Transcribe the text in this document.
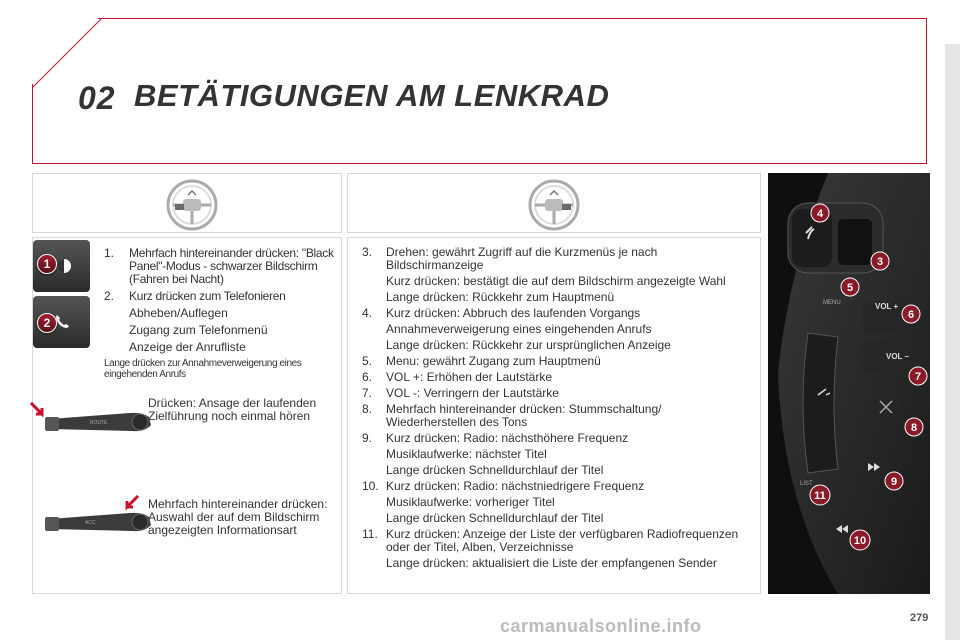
02 BETÄTIGUNGEN AM LENKRAD
1
2
1.	Mehrfach hintereinander drücken: "Black Panel"-Modus - schwarzer Bildschirm (Fahren bei Nacht)
2.	Kurz drücken zum Telefonieren
Abheben/Auflegen
Zugang zum Telefonmenü
Anzeige der Anrufliste
Lange drücken zur Annahmeverweigerung eines eingehenden Anrufs
ROUTE
Drücken: Ansage der laufenden Zielführung noch einmal hören
ACC
Mehrfach hintereinander drücken: Auswahl der auf dem Bildschirm angezeigten Informationsart
3.	Drehen: gewährt Zugriff auf die Kurzmenüs je nach Bildschirmanzeige
Kurz drücken: bestätigt die auf dem Bildschirm angezeigte Wahl
Lange drücken: Rückkehr zum Hauptmenü
4.	Kurz drücken: Abbruch des laufenden Vorgangs
Annahmeverweigerung eines eingehenden Anrufs
Lange drücken: Rückkehr zur ursprünglichen Anzeige
5.	Menu: gewährt Zugang zum Hauptmenü
6.	VOL +: Erhöhen der Lautstärke
7.	VOL -: Verringern der Lautstärke
8.	Mehrfach hintereinander drücken: Stummschaltung/ Wiederherstellen des Tons
9.	Kurz drücken: Radio: nächsthöhere Frequenz
Musiklaufwerke: nächster Titel
Lange drücken Schnelldurchlauf der Titel
10. Kurz drücken: Radio: nächstniedrigere Frequenz
Musiklaufwerke: vorheriger Titel
Lange drücken Schnelldurchlauf der Titel
11. Kurz drücken: Anzeige der Liste der verfügbaren Radiofrequenzen oder der Titel, Alben, Verzeichnisse
Lange drücken: aktualisiert die Liste der empfangenen Sender
MENU	VOL +
VOL –
LIST
4
3
5
6
7
8
9
11
10
carmanualsonline.info	279
